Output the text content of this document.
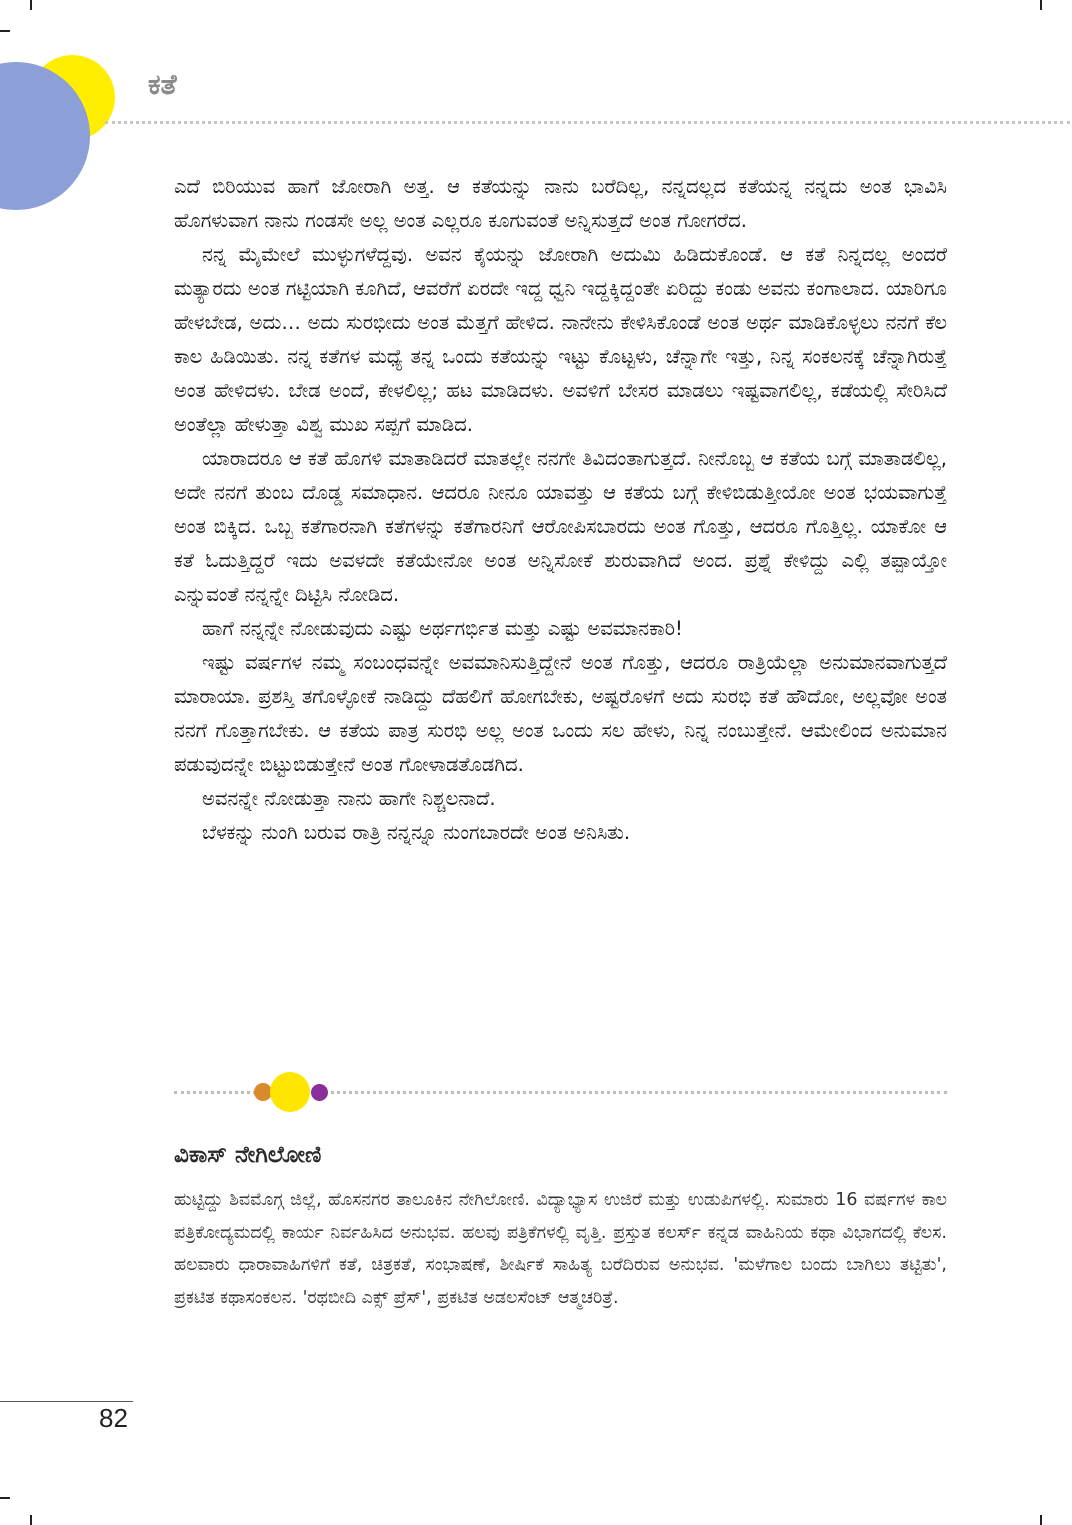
ಕತೆ

ಎದೆ ಬಿರಿಯುವ ಹಾಗೆ ಜೋರಾಗಿ ಅತ್ತ. ಆ ಕತೆಯನ್ನು ನಾನು ಬರೆದಿಲ್ಲ, ನನ್ನದಲ್ಲದ ಕತೆಯನ್ನ ನನ್ನದು ಅಂತ ಭಾವಿಸಿ ಹೊಗಳುವಾಗ ನಾನು ಗಂಡಸೇ ಅಲ್ಲ ಅಂತ ಎಲ್ಲರೂ ಕೂಗುವಂತೆ ಅನ್ನಿಸುತ್ತದೆ ಅಂತ ಗೋಗರೆದ.

ನನ್ನ ಮೈಮೇಲೆ ಮುಳ್ಳುಗಳೆದ್ದವು. ಅವನ ಕೈಯನ್ನು ಜೋರಾಗಿ ಅದುಮಿ ಹಿಡಿದುಕೊಂಡೆ. ಆ ಕತೆ ನಿನ್ನದಲ್ಲ ಅಂದರೆ ಮತ್ಯಾರದು ಅಂತ ಗಟ್ಟಿಯಾಗಿ ಕೂಗಿದೆ, ಆವರೆಗೆ ಏರದೇ ಇದ್ದ ಧ್ವನಿ ಇದ್ದಕ್ಕಿದ್ದಂತೇ ಏರಿದ್ದು ಕಂಡು ಅವನು ಕಂಗಾಲಾದ. ಯಾರಿಗೂ ಹೇಳಬೇಡ, ಅದು… ಅದು ಸುರಭೀದು ಅಂತ ಮೆತ್ತಗೆ ಹೇಳಿದ. ನಾನೇನು ಕೇಳಿಸಿಕೊಂಡೆ ಅಂತ ಅರ್ಥ ಮಾಡಿಕೊಳ್ಳಲು ನನಗೆ ಕೆಲ ಕಾಲ ಹಿಡಿಯಿತು. ನನ್ನ ಕತೆಗಳ ಮಧ್ಯೆ ತನ್ನ ಒಂದು ಕತೆಯನ್ನು ಇಟ್ಟು ಕೊಟ್ಟಳು, ಚೆನ್ನಾಗೇ ಇತ್ತು, ನಿನ್ನ ಸಂಕಲನಕ್ಕೆ ಚೆನ್ನಾಗಿರುತ್ತೆ ಅಂತ ಹೇಳಿದಳು. ಬೇಡ ಅಂದೆ, ಕೇಳಲಿಲ್ಲ; ಹಟ ಮಾಡಿದಳು. ಅವಳಿಗೆ ಬೇಸರ ಮಾಡಲು ಇಷ್ಟವಾಗಲಿಲ್ಲ, ಕಡೆಯಲ್ಲಿ ಸೇರಿಸಿದೆ ಅಂತೆಲ್ಲಾ ಹೇಳುತ್ತಾ ವಿಶ್ವ ಮುಖ ಸಪ್ಪಗೆ ಮಾಡಿದ.

ಯಾರಾದರೂ ಆ ಕತೆ ಹೊಗಳಿ ಮಾತಾಡಿದರೆ ಮಾತಲ್ಲೇ ನನಗೇ ತಿವಿದಂತಾಗುತ್ತದೆ. ನೀನೊಬ್ಬ ಆ ಕತೆಯ ಬಗ್ಗೆ ಮಾತಾಡಲಿಲ್ಲ, ಅದೇ ನನಗೆ ತುಂಬ ದೊಡ್ಡ ಸಮಾಧಾನ. ಆದರೂ ನೀನೂ ಯಾವತ್ತು ಆ ಕತೆಯ ಬಗ್ಗೆ ಕೇಳಿಬಿಡುತ್ತೀಯೋ ಅಂತ ಭಯವಾಗುತ್ತೆ ಅಂತ ಬಿಕ್ಕಿದ. ಒಬ್ಬ ಕತೆಗಾರನಾಗಿ ಕತೆಗಳನ್ನು ಕತೆಗಾರನಿಗೆ ಆರೋಪಿಸಬಾರದು ಅಂತ ಗೊತ್ತು, ಆದರೂ ಗೊತ್ತಿಲ್ಲ. ಯಾಕೋ ಆ ಕತೆ ಓದುತ್ತಿದ್ದರೆ ಇದು ಅವಳದೇ ಕತೆಯೇನೋ ಅಂತ ಅನ್ನಿಸೋಕೆ ಶುರುವಾಗಿದೆ ಅಂದ. ಪ್ರಶ್ನೆ ಕೇಳಿದ್ದು ಎಲ್ಲಿ ತಪ್ಪಾಯ್ತೋ ಎನ್ನುವಂತೆ ನನ್ನನ್ನೇ ದಿಟ್ಟಿಸಿ ನೋಡಿದ.

ಹಾಗೆ ನನ್ನನ್ನೇ ನೋಡುವುದು ಎಷ್ಟು ಅರ್ಥಗರ್ಭಿತ ಮತ್ತು ಎಷ್ಟು ಅವಮಾನಕಾರಿ!

ಇಷ್ಟು ವರ್ಷಗಳ ನಮ್ಮ ಸಂಬಂಧವನ್ನೇ ಅವಮಾನಿಸುತ್ತಿದ್ದೇನೆ ಅಂತ ಗೊತ್ತು, ಆದರೂ ರಾತ್ರಿಯೆಲ್ಲಾ ಅನುಮಾನವಾಗುತ್ತದೆ ಮಾರಾಯಾ. ಪ್ರಶಸ್ತಿ ತಗೊಳ್ಳೋಕೆ ನಾಡಿದ್ದು ದೆಹಲಿಗೆ ಹೋಗಬೇಕು, ಅಷ್ಟರೊಳಗೆ ಅದು ಸುರಭಿ ಕತೆ ಹೌದೋ, ಅಲ್ಲವೋ ಅಂತ ನನಗೆ ಗೊತ್ತಾಗಬೇಕು. ಆ ಕತೆಯ ಪಾತ್ರ ಸುರಭಿ ಅಲ್ಲ ಅಂತ ಒಂದು ಸಲ ಹೇಳು, ನಿನ್ನ ನಂಬುತ್ತೇನೆ. ಆಮೇಲಿಂದ ಅನುಮಾನ ಪಡುವುದನ್ನೇ ಬಿಟ್ಟುಬಿಡುತ್ತೇನೆ ಅಂತ ಗೋಳಾಡತೊಡಗಿದ.

ಅವನನ್ನೇ ನೋಡುತ್ತಾ ನಾನು ಹಾಗೇ ನಿಶ್ಚಲನಾದೆ.

ಬೆಳಕನ್ನು ನುಂಗಿ ಬರುವ ರಾತ್ರಿ ನನ್ನನ್ನೂ ನುಂಗಬಾರದೇ ಅಂತ ಅನಿಸಿತು.

ವಿಕಾಸ್ ನೇಗಿಲೋಣಿ

ಹುಟ್ಟಿದ್ದು ಶಿವಮೊಗ್ಗ ಜಿಲ್ಲೆ, ಹೊಸನಗರ ತಾಲೂಕಿನ ನೇಗಿಲೋಣಿ. ವಿದ್ಯಾಭ್ಯಾಸ ಉಜಿರೆ ಮತ್ತು ಉಡುಪಿಗಳಲ್ಲಿ. ಸುಮಾರು 16 ವರ್ಷಗಳ ಕಾಲ ಪತ್ರಿಕೋದ್ಯಮದಲ್ಲಿ ಕಾರ್ಯ ನಿರ್ವಹಿಸಿದ ಅನುಭವ. ಹಲವು ಪತ್ರಿಕೆಗಳಲ್ಲಿ ವೃತ್ತಿ. ಪ್ರಸ್ತುತ ಕಲರ್ಸ್ ಕನ್ನಡ ವಾಹಿನಿಯ ಕಥಾ ವಿಭಾಗದಲ್ಲಿ ಕೆಲಸ. ಹಲವಾರು ಧಾರಾವಾಹಿಗಳಿಗೆ ಕತೆ, ಚಿತ್ರಕತೆ, ಸಂಭಾಷಣೆ, ಶೀರ್ಷಿಕೆ ಸಾಹಿತ್ಯ ಬರೆದಿರುವ ಅನುಭವ. 'ಮಳೆಗಾಲ ಬಂದು ಬಾಗಿಲು ತಟ್ಟಿತು', ಪ್ರಕಟಿತ ಕಥಾಸಂಕಲನ. 'ರಥಬೀದಿ ಎಕ್ಸ್ ಪ್ರೆಸ್', ಪ್ರಕಟಿತ ಅಡಲಸೆಂಟ್ ಆತ್ಮಚರಿತ್ರೆ.

82
